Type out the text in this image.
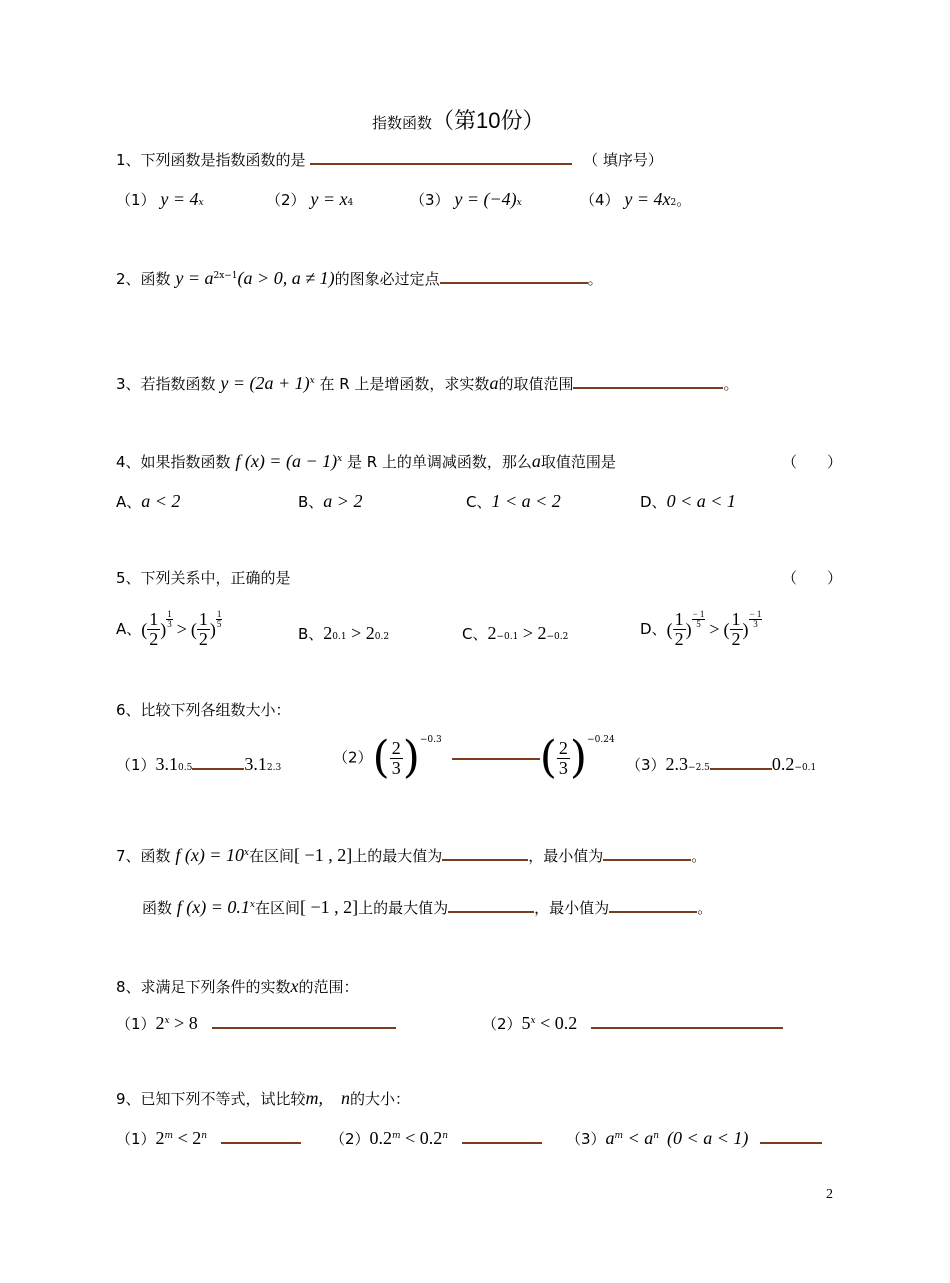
指数函数（第10份）
1、下列函数是指数函数的是	（ 填序号）
（1） y = 4x	（2） y = x4	（3） y = (−4)x	（4） y = 4x2。
2、函数 $y = a^{2x-1}(a > 0$, a ≠ 1)的图象必过定点	。
3、若指数函数 $y = (2a + 1)^x$ 在 R 上是增函数，求实数a的取值范围	。
4、如果指数函数 f $(x) = (a - 1)^x$ 是 R 上的单调减函数，那么a取值范围是	（　　）
A、a < 2	B、a > 2	C、1 < a < 2	D、0 < a < 1
5、下列关系中，正确的是	（　　）
A、( $\frac{1}{2}$ ) $\frac{1}{3}$ > ( $\frac{1}{2}$ ) $\frac{1}{5}$
B、20.1 > 20.2	C、2−0.1 > 2−0.2	D、( $\frac{1}{2}$ ) $\frac{- 1}{5}$ > ( $\frac{1}{2}$ ) $\frac{- 1}{3}$
6、比较下列各组数大小：
（1）3.10.5	3.12.3
$(2)( \frac{2}{3} )^{-0.3}$ ( $\frac{2}{3} )^{-0.24}$
（3）2.3−2.5	0.2−0.1
7、函数 f $(x) = 10^x$在区间[ −1 , 2]上的最大值为	，最小值为	。
函数 f $(x) = 0.1^x$在区间[ −1 , 2]上的最大值为	，最小值为	。
8、求满足下列条件的实数x的范围：
$(1)2^x > 8$	$(2)5^x < 0.2$
9、已知下列不等式，试比较m,　n的大小：
$(1)2^m < 2^n$	$(2)0.2^m < 0.2^n$	$(3)a^m < a^n$ (0 < a < 1)
2
